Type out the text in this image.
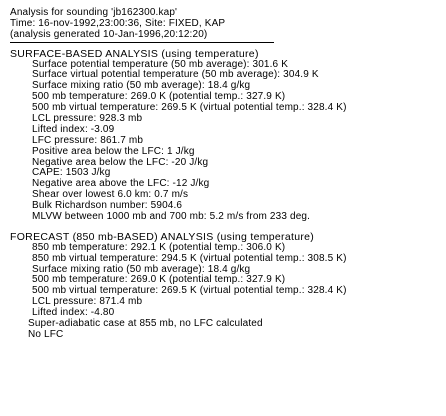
Analysis for sounding 'jb162300.kap'
Time: 16-nov-1992,23:00:36, Site: FIXED, KAP
(analysis generated 10-Jan-1996,20:12:20)
SURFACE-BASED ANALYSIS (using temperature)
Surface potential temperature (50 mb average): 301.6 K
Surface virtual potential temperature (50 mb average): 304.9 K
Surface mixing ratio (50 mb average): 18.4 g/kg
500 mb temperature: 269.0 K (potential temp.: 327.9 K)
500 mb virtual temperature: 269.5 K (virtual potential temp.: 328.4 K)
LCL pressure: 928.3 mb
Lifted index: -3.09
LFC pressure: 861.7 mb
Positive area below the LFC: 1 J/kg
Negative area below the LFC: -20 J/kg
CAPE: 1503 J/kg
Negative area above the LFC: -12 J/kg
Shear over lowest 6.0 km: 0.7 m/s
Bulk Richardson number: 5904.6
MLVW between 1000 mb and 700 mb: 5.2 m/s from 233 deg.
FORECAST (850 mb-BASED) ANALYSIS (using temperature)
850 mb temperature: 292.1 K (potential temp.: 306.0 K)
850 mb virtual temperature: 294.5 K (virtual potential temp.: 308.5 K)
Surface mixing ratio (50 mb average): 18.4 g/kg
500 mb temperature: 269.0 K (potential temp.: 327.9 K)
500 mb virtual temperature: 269.5 K (virtual potential temp.: 328.4 K)
LCL pressure: 871.4 mb
Lifted index: -4.80
Super-adiabatic case at 855 mb, no LFC calculated
No LFC
